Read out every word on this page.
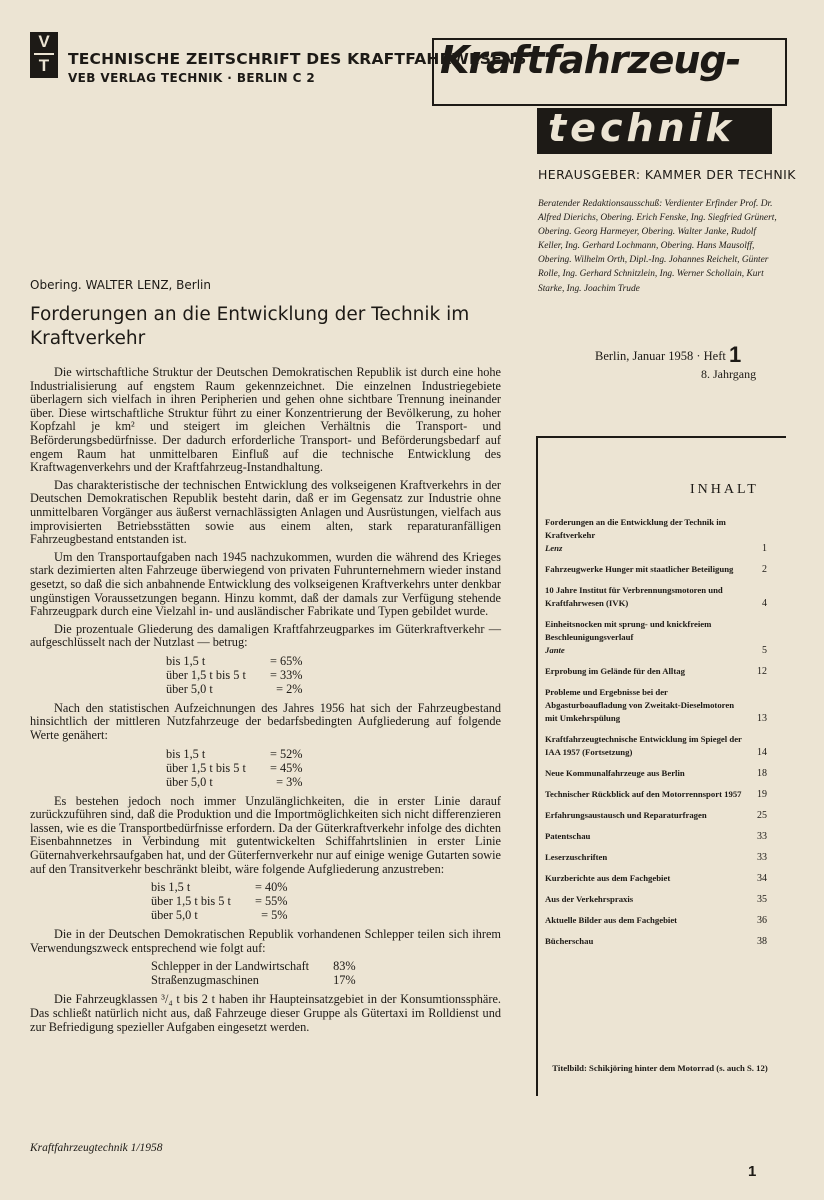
V
T	TECHNISCHE ZEITSCHRIFT DES KRAFTFAHRWESENS
VEB VERLAG TECHNIK · BERLIN C 2	Kraftfahrzeug-
technik
HERAUSGEBER: KAMMER DER TECHNIK
Beratender Redaktionsausschuß: Verdienter Erfinder Prof. Dr. Alfred Dierichs, Obering. Erich Fenske, Ing. Siegfried Grünert, Obering. Georg Harmeyer, Obering. Walter Janke, Rudolf Keller, Ing. Gerhard Lochmann, Obering. Hans Mausolff, Obering. Wilhelm Orth, Dipl.-Ing. Johannes Reichelt, Günter Rolle, Ing. Gerhard Schnitzlein, Ing. Werner Schollain, Kurt Starke, Ing. Joachim Trude
Obering. WALTER LENZ, Berlin
Forderungen an die Entwicklung der Technik im Kraftverkehr
Berlin, Januar 1958 · Heft 1
8. Jahrgang

Die wirtschaftliche Struktur der Deutschen Demokratischen Republik ist durch eine hohe Industrialisierung auf engstem Raum gekennzeichnet. Die einzelnen Industriegebiete überlagern sich vielfach in ihren Peripherien und gehen ohne sichtbare Trennung ineinander über. Diese wirtschaftliche Struktur führt zu einer Konzentrierung der Bevölkerung, zu hoher Kopfzahl je km² und steigert im gleichen Verhältnis die Transport- und Beförderungsbedürfnisse. Der dadurch erforderliche Transport- und Beförderungsbedarf auf engem Raum hat unmittelbaren Einfluß auf die technische Entwicklung des Kraftwagenverkehrs und der Kraftfahrzeug-Instandhaltung.

Das charakteristische der technischen Entwicklung des volkseigenen Kraftverkehrs in der Deutschen Demokratischen Republik besteht darin, daß er im Gegensatz zur Industrie ohne unmittelbaren Vorgänger aus äußerst vernachlässigten Anlagen und Ausrüstungen, vielfach aus improvisierten Betriebsstätten sowie aus einem alten, stark reparaturanfälligen Fahrzeugbestand entstanden ist.

Um den Transportaufgaben nach 1945 nachzukommen, wurden die während des Krieges stark dezimierten alten Fahrzeuge überwiegend von privaten Fuhrunternehmern wieder instand gesetzt, so daß die sich anbahnende Entwicklung des volkseigenen Kraftverkehrs unter denkbar ungünstigen Voraussetzungen begann. Hinzu kommt, daß der damals zur Verfügung stehende Fahrzeugpark durch eine Vielzahl in- und ausländischer Fabrikate und Typen gebildet wurde.

Die prozentuale Gliederung des damaligen Kraftfahrzeugparkes im Güterkraftverkehr — aufgeschlüsselt nach der Nutzlast — betrug:

bis 1,5 t	= 65%
über 1,5 t bis 5 t	= 33%
über 5,0 t	= 2%

Nach den statistischen Aufzeichnungen des Jahres 1956 hat sich der Fahrzeugbestand hinsichtlich der mittleren Nutzfahrzeuge der bedarfsbedingten Aufgliederung auf folgende Werte genähert:

bis 1,5 t	= 52%
über 1,5 t bis 5 t	= 45%
über 5,0 t	= 3%

Es bestehen jedoch noch immer Unzulänglichkeiten, die in erster Linie darauf zurückzuführen sind, daß die Produktion und die Importmöglichkeiten sich nicht differenzieren lassen, wie es die Transportbedürfnisse erfordern. Da der Güterkraftverkehr infolge des dichten Eisenbahnnetzes in Verbindung mit gutentwickelten Schiffahrtslinien in erster Linie Güternahverkehrsaufgaben hat, und der Güterfernverkehr nur auf einige wenige Gutarten sowie auf den Transitverkehr beschränkt bleibt, wäre folgende Aufgliederung anzustreben:

bis 1,5 t	= 40%
über 1,5 t bis 5 t	= 55%
über 5,0 t	= 5%

Die in der Deutschen Demokratischen Republik vorhandenen Schlepper teilen sich ihrem Verwendungszweck entsprechend wie folgt auf:

Schlepper in der Landwirtschaft	83%
Straßenzugmaschinen	17%

Die Fahrzeugklassen ³/₄ t bis 2 t haben ihr Haupteinsatzgebiet in der Konsumtionssphäre. Das schließt natürlich nicht aus, daß Fahrzeuge dieser Gruppe als Gütertaxi im Rolldienst und zur Befriedigung spezieller Aufgaben eingesetzt werden.

Kraftfahrzeugtechnik 1/1958
1
INHALT
Forderungen an die Entwicklung der Technik im Kraftverkehr
Lenz	1
Fahrzeugwerke Hunger mit staatlicher Beteiligung	2
10 Jahre Institut für Verbrennungsmotoren und Kraftfahrwesen (IVK)	4
Einheitsnocken mit sprung- und knickfreiem Beschleunigungsverlauf
Jante	5
Erprobung im Gelände für den Alltag	12
Probleme und Ergebnisse bei der Abgasturboaufladung von Zweitakt-Dieselmotoren mit Umkehrspülung	13
Kraftfahrzeugtechnische Entwicklung im Spiegel der IAA 1957 (Fortsetzung)	14
Neue Kommunalfahrzeuge aus Berlin	18
Technischer Rückblick auf den Motorrennsport 1957	19
Erfahrungsaustausch und Reparaturfragen	25
Patentschau	33
Leserzuschriften	33
Kurzberichte aus dem Fachgebiet	34
Aus der Verkehrspraxis	35
Aktuelle Bilder aus dem Fachgebiet	36
Bücherschau	38
Titelbild: Schikjöring hinter dem Motorrad (s. auch S. 12)
